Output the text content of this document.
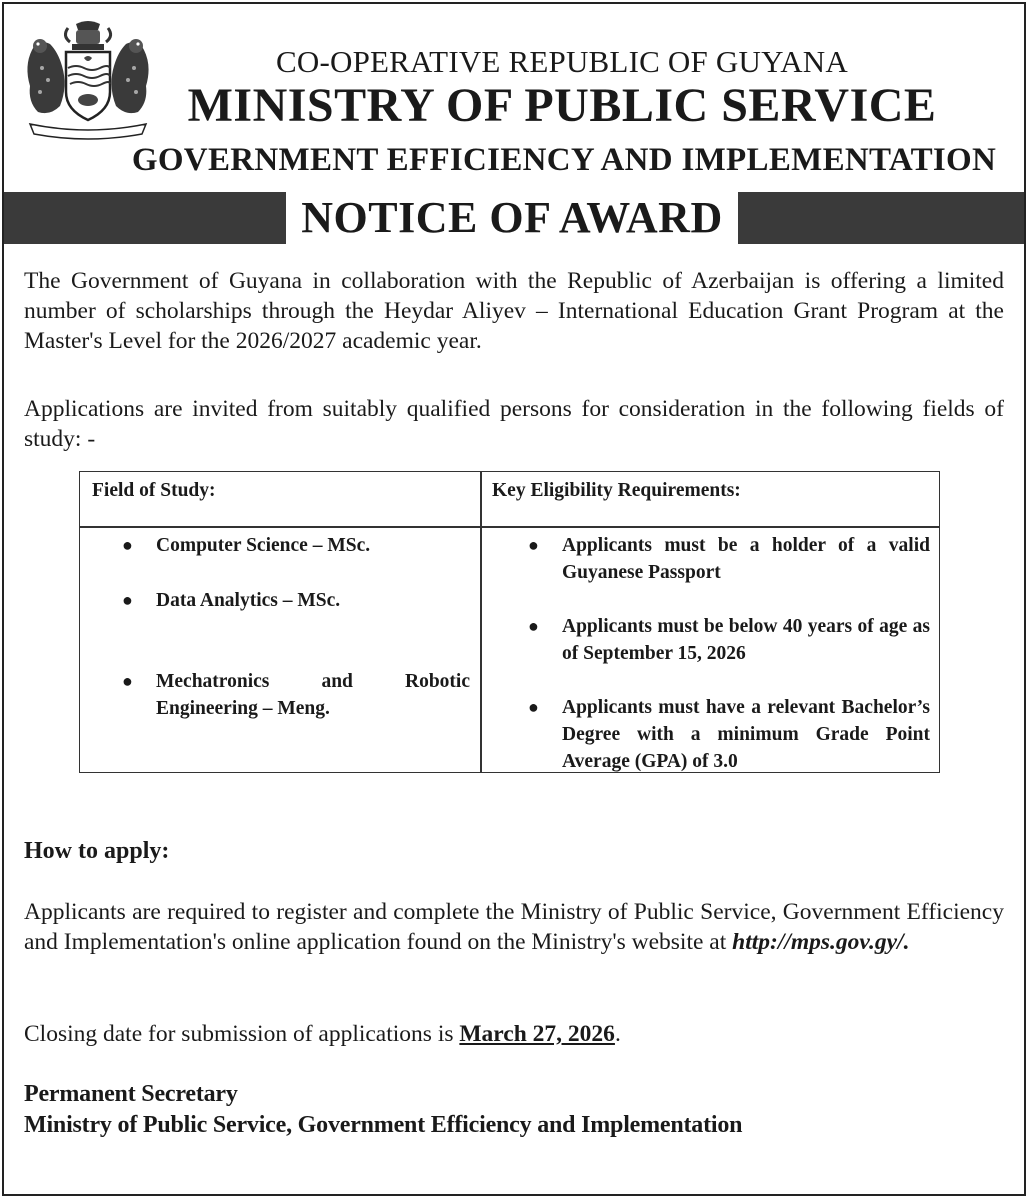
CO-OPERATIVE REPUBLIC OF GUYANA
MINISTRY OF PUBLIC SERVICE
GOVERNMENT EFFICIENCY AND IMPLEMENTATION
NOTICE OF AWARD

The Government of Guyana in collaboration with the Republic of Azerbaijan is offering a limited number of scholarships through the Heydar Aliyev – International Education Grant Program at the Master's Level for the 2026/2027 academic year.

Applications are invited from suitably qualified persons for consideration in the following fields of study: -

Field of Study:	Key Eligibility Requirements:
● Computer Science – MSc.
● Data Analytics – MSc.
● Mechatronics and Robotic Engineering – Meng.
● Applicants must be a holder of a valid Guyanese Passport
● Applicants must be below 40 years of age as of September 15, 2026
● Applicants must have a relevant Bachelor’s Degree with a minimum Grade Point Average (GPA) of 3.0
How to apply:

Applicants are required to register and complete the Ministry of Public Service, Government Efficiency and Implementation's online application found on the Ministry's website at http://mps.gov.gy/.

Closing date for submission of applications is March 27, 2026.

Permanent Secretary
Ministry of Public Service, Government Efficiency and Implementation
